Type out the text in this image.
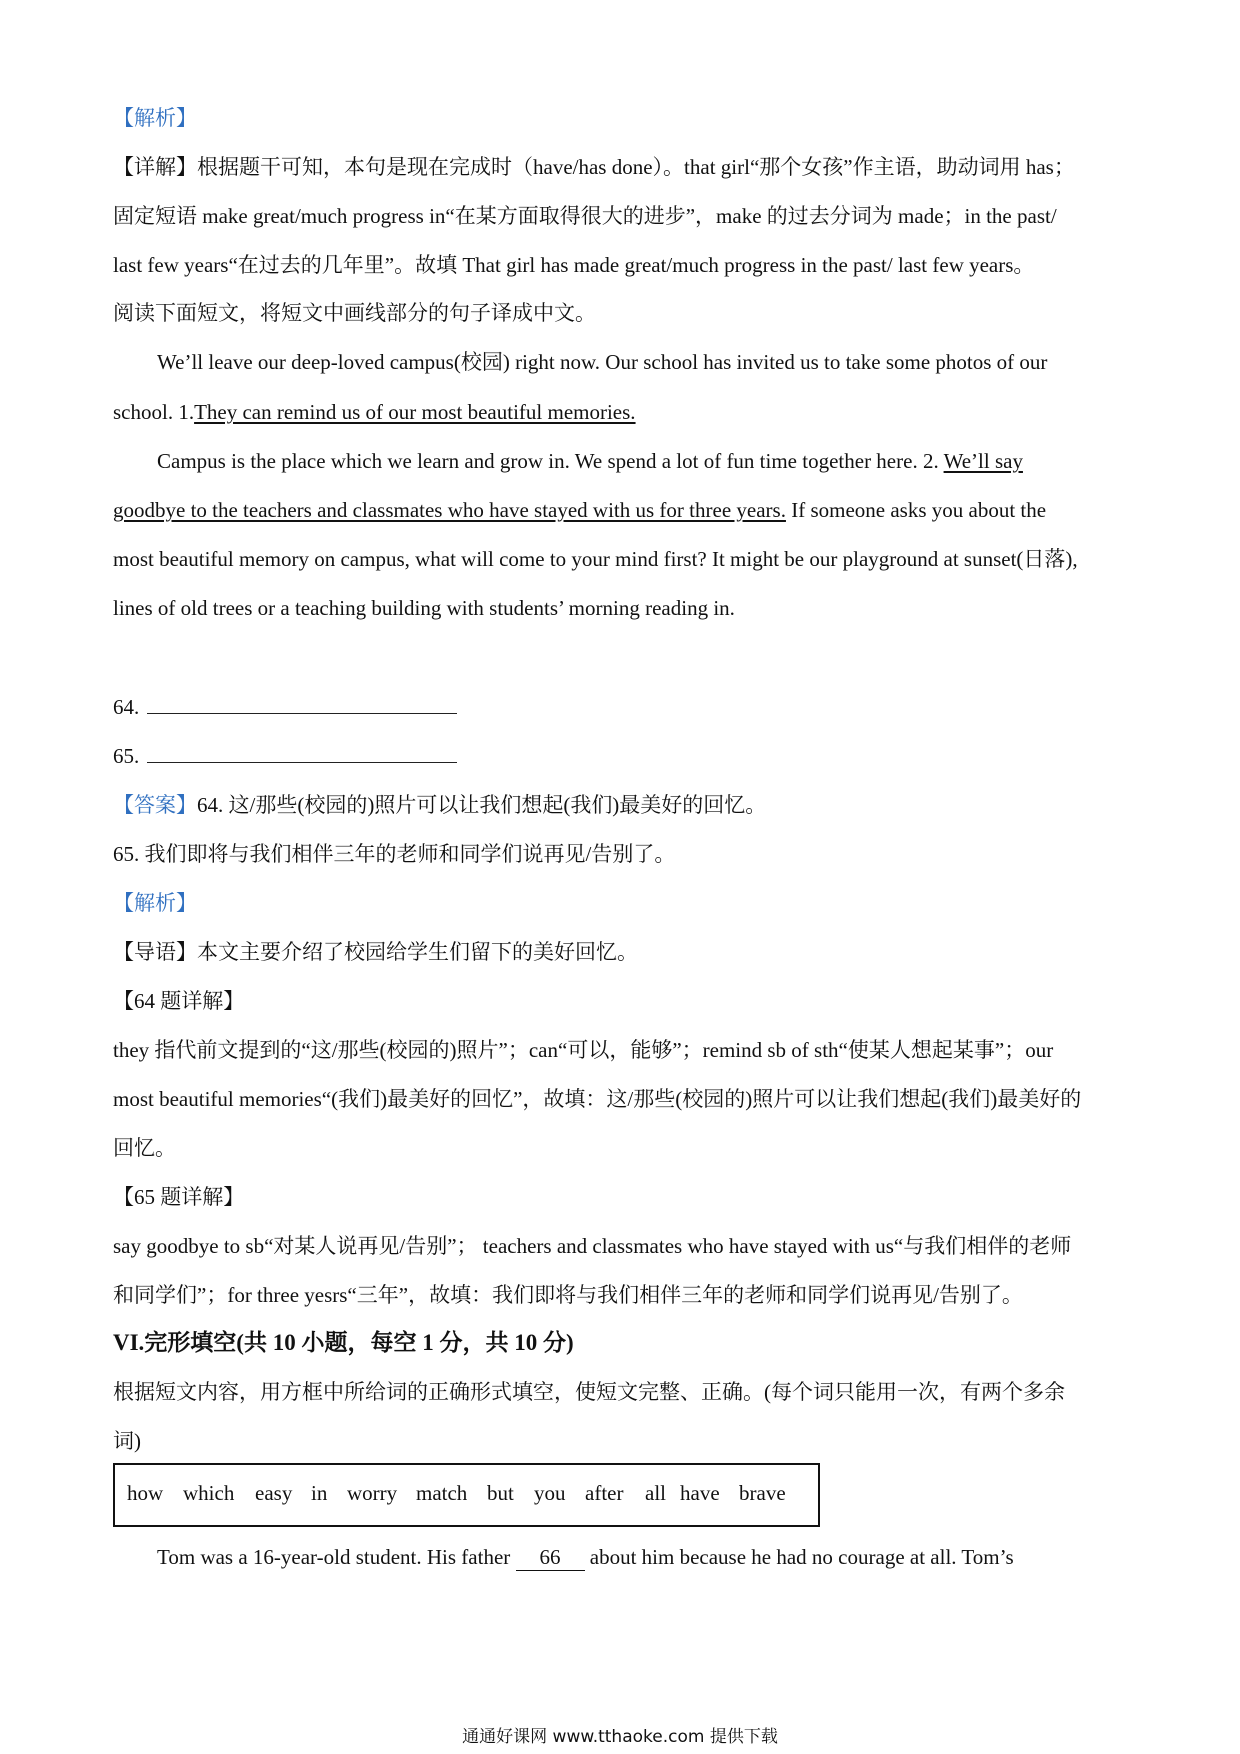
【解析】
【详解】根据题干可知，本句是现在完成时（have/has done）。that girl“那个女孩”作主语，助动词用 has；
固定短语 make great/much progress in“在某方面取得很大的进步”，make 的过去分词为 made；in the past/
last few years“在过去的几年里”。故填 That girl has made great/much progress in the past/ last few years。
阅读下面短文，将短文中画线部分的句子译成中文。
We’ll leave our deep-loved campus(校园) right now. Our school has invited us to take some photos of our
school. 1.They can remind us of our most beautiful memories.
Campus is the place which we learn and grow in. We spend a lot of fun time together here. 2. We’ll say
goodbye to the teachers and classmates who have stayed with us for three years. If someone asks you about the
most beautiful memory on campus, what will come to your mind first? It might be our playground at sunset(日落),
lines of old trees or a teaching building with students’ morning reading in.
64.
65.
【答案】64. 这/那些(校园的)照片可以让我们想起(我们)最美好的回忆。
65. 我们即将与我们相伴三年的老师和同学们说再见/告别了。
【解析】
【导语】本文主要介绍了校园给学生们留下的美好回忆。
【64 题详解】
they 指代前文提到的“这/那些(校园的)照片”；can“可以，能够”；remind sb of sth“使某人想起某事”；our
most beautiful memories“(我们)最美好的回忆”，故填：这/那些(校园的)照片可以让我们想起(我们)最美好的
回忆。
【65 题详解】
say goodbye to sb“对某人说再见/告别”； teachers and classmates who have stayed with us“与我们相伴的老师
和同学们”；for three yesrs“三年”，故填：我们即将与我们相伴三年的老师和同学们说再见/告别了。
VI.完形填空(共 10 小题，每空 1 分，共 10 分)
根据短文内容，用方框中所给词的正确形式填空，使短文完整、正确。(每个词只能用一次，有两个多余
词)
how which easy in worry match but you after all have brave
Tom was a 16-year-old student. His father 66 about him because he had no courage at all. Tom’s
通通好课网 www.tthaoke.com 提供下载
